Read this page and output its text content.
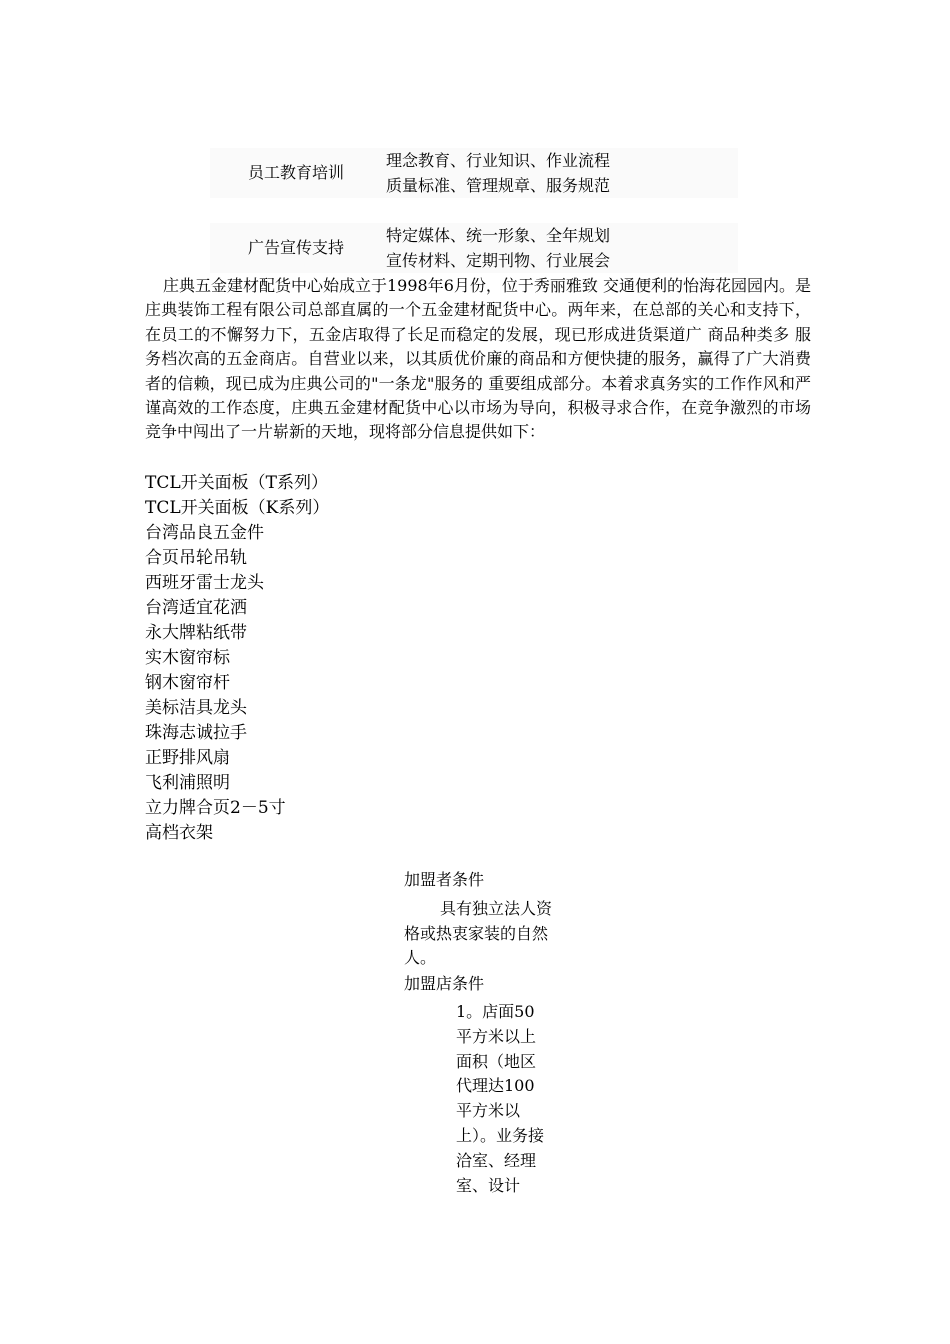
员工教育培训
理念教育、行业知识、作业流程
质量标准、管理规章、服务规范
广告宣传支持
特定媒体、统一形象、全年规划
宣传材料、定期刊物、行业展会

庄典五金建材配货中心始成立于1998年6月份，位于秀丽雅致 交通便利的怡海花园园内。是庄典装饰工程有限公司总部直属的一个五金建材配货中心。两年来，在总部的关心和支持下，在员工的不懈努力下，五金店取得了长足而稳定的发展，现已形成进货渠道广 商品种类多 服务档次高的五金商店。自营业以来，以其质优价廉的商品和方便快捷的服务，赢得了广大消费者的信赖，现已成为庄典公司的"一条龙"服务的 重要组成部分。本着求真务实的工作作风和严谨高效的工作态度，庄典五金建材配货中心以市场为导向，积极寻求合作，在竞争激烈的市场竞争中闯出了一片崭新的天地，现将部分信息提供如下：

TCL开关面板（T系列）
TCL开关面板（K系列）
台湾品良五金件
合页吊轮吊轨
西班牙雷士龙头
台湾适宜花洒
永大牌粘纸带
实木窗帘标
钢木窗帘杆
美标洁具龙头
珠海志诚拉手
正野排风扇
飞利浦照明
立力牌合页2－5寸
高档衣架
加盟者条件

具有独立法人资格或热衷家装的自然人。

加盟店条件

1。店面50平方米以上面积（地区代理达100平方米以上）。业务接洽室、经理室、设计
